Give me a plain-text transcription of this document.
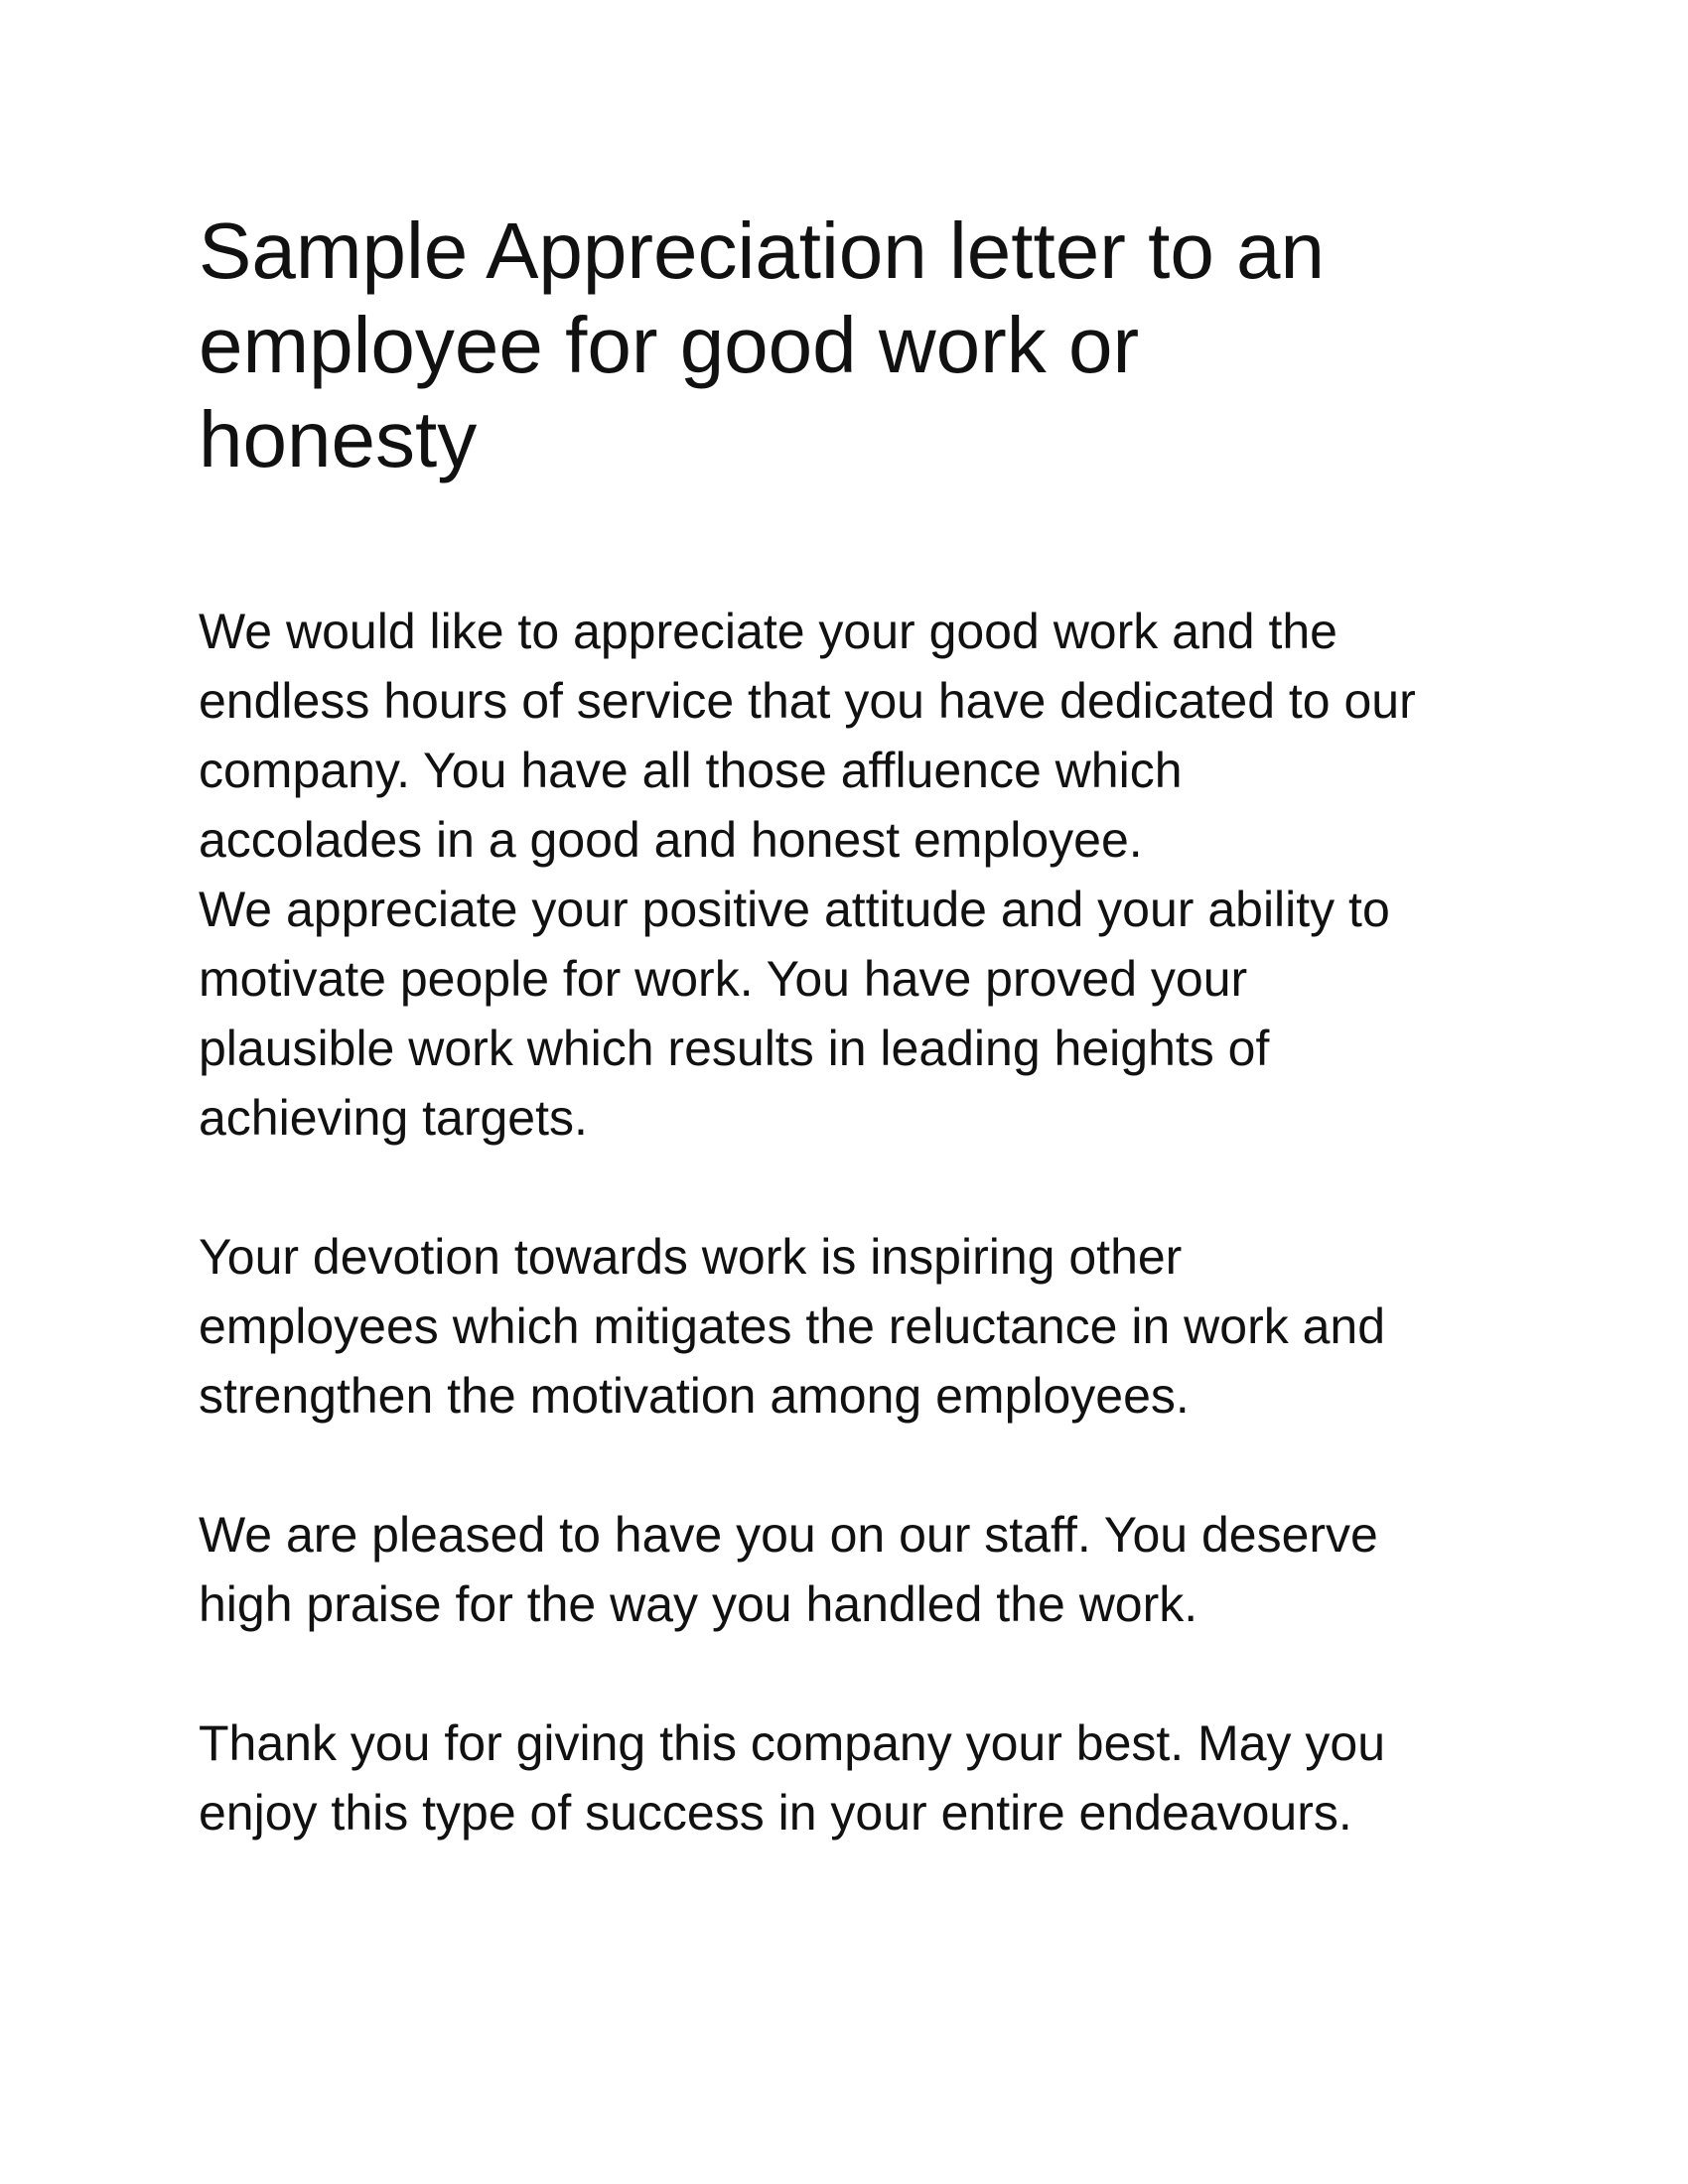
Sample Appreciation letter to an
employee for good work or
honesty
We would like to appreciate your good work and the
endless hours of service that you have dedicated to our
company. You have all those affluence which
accolades in a good and honest employee.
We appreciate your positive attitude and your ability to
motivate people for work. You have proved your
plausible work which results in leading heights of
achieving targets.
Your devotion towards work is inspiring other
employees which mitigates the reluctance in work and
strengthen the motivation among employees.
We are pleased to have you on our staff. You deserve
high praise for the way you handled the work.
Thank you for giving this company your best. May you
enjoy this type of success in your entire endeavours.
